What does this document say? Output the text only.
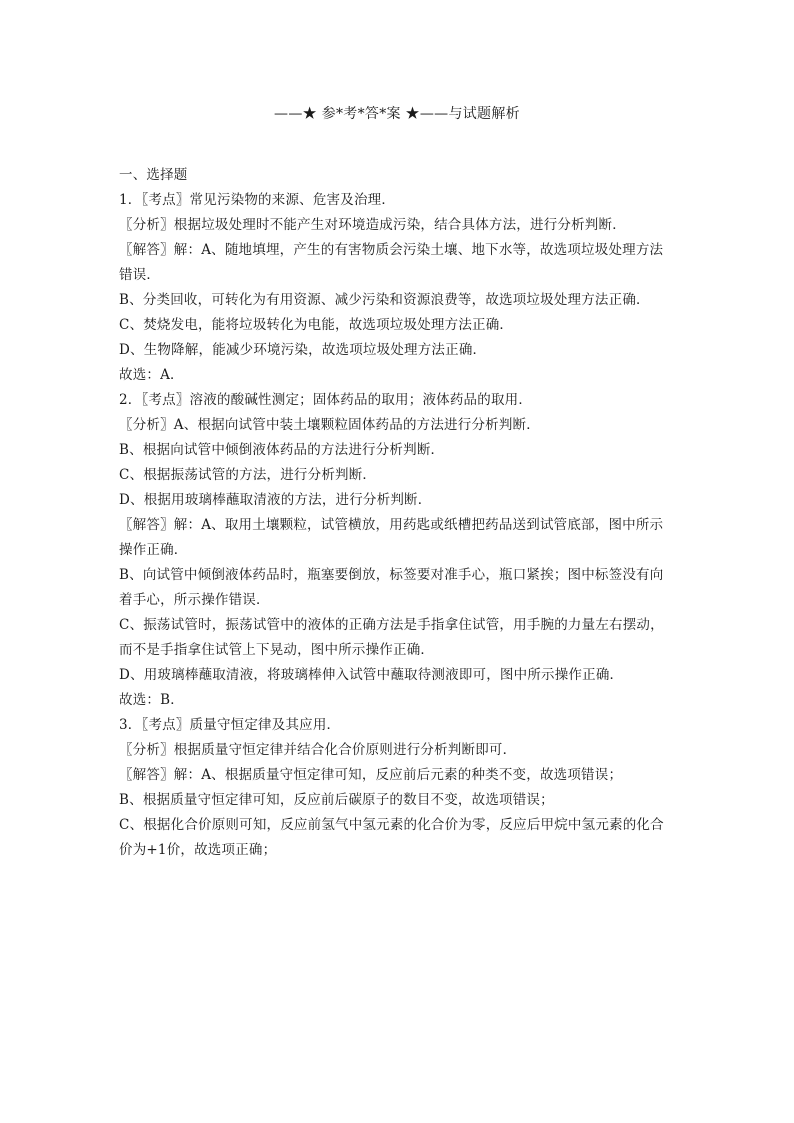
——★ 参*考*答*案 ★——与试题解析

一、选择题

1．〖考点〗常见污染物的来源、危害及治理．

〖分析〗根据垃圾处理时不能产生对环境造成污染，结合具体方法，进行分析判断．

〖解答〗解：A、随地填埋，产生的有害物质会污染土壤、地下水等，故选项垃圾处理方法

错误．

B、分类回收，可转化为有用资源、减少污染和资源浪费等，故选项垃圾处理方法正确．

C、焚烧发电，能将垃圾转化为电能，故选项垃圾处理方法正确．

D、生物降解，能减少环境污染，故选项垃圾处理方法正确．

故选：A．

2．〖考点〗溶液的酸碱性测定；固体药品的取用；液体药品的取用．

〖分析〗A、根据向试管中装土壤颗粒固体药品的方法进行分析判断．

B、根据向试管中倾倒液体药品的方法进行分析判断．

C、根据振荡试管的方法，进行分析判断．

D、根据用玻璃棒蘸取清液的方法，进行分析判断．

〖解答〗解：A、取用土壤颗粒，试管横放，用药匙或纸槽把药品送到试管底部，图中所示

操作正确．

B、向试管中倾倒液体药品时，瓶塞要倒放，标签要对准手心，瓶口紧挨；图中标签没有向

着手心，所示操作错误．

C、振荡试管时，振荡试管中的液体的正确方法是手指拿住试管，用手腕的力量左右摆动，

而不是手指拿住试管上下晃动，图中所示操作正确．

D、用玻璃棒蘸取清液，将玻璃棒伸入试管中蘸取待测液即可，图中所示操作正确．

故选：B．

3．〖考点〗质量守恒定律及其应用．

〖分析〗根据质量守恒定律并结合化合价原则进行分析判断即可．

〖解答〗解：A、根据质量守恒定律可知，反应前后元素的种类不变，故选项错误；

B、根据质量守恒定律可知，反应前后碳原子的数目不变，故选项错误；

C、根据化合价原则可知，反应前氢气中氢元素的化合价为零，反应后甲烷中氢元素的化合

价为+1价，故选项正确；
